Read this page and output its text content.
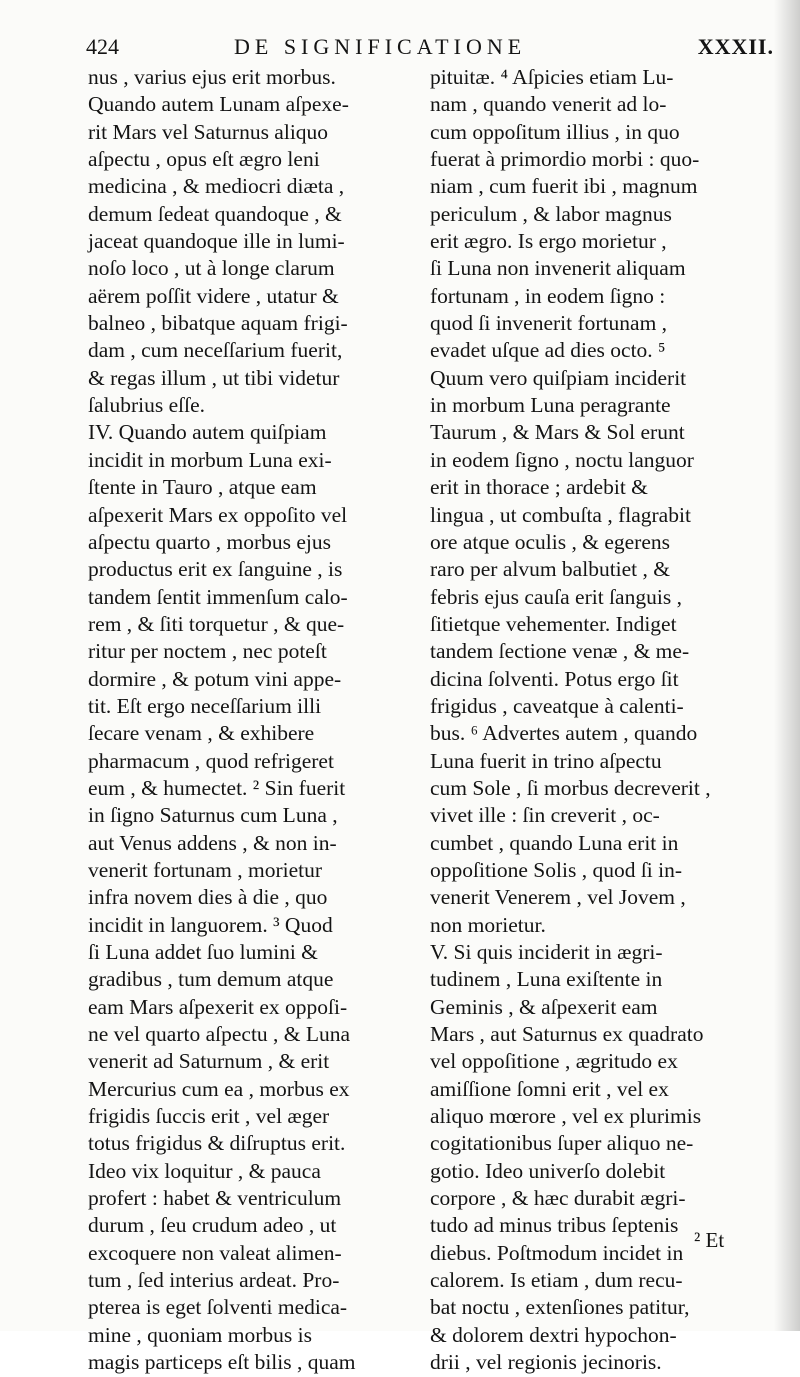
424	DE SIGNIFICATIONE	XXXII.
nus , varius ejus erit morbus.
Quando autem Lunam aſpexe-
rit Mars vel Saturnus aliquo
aſpectu , opus eſt ægro leni
medicina , & mediocri diæta ,
demum ſedeat quandoque , &
jaceat quandoque ille in lumi-
noſo loco , ut à longe clarum
aërem poſſit videre , utatur &
balneo , bibatque aquam frigi-
dam , cum neceſſarium fuerit,
& regas illum , ut tibi videtur
ſalubrius eſſe.
IV. Quando autem quiſpiam
incidit in morbum Luna exi-
ſtente in Tauro , atque eam
aſpexerit Mars ex oppoſito vel
aſpectu quarto , morbus ejus
productus erit ex ſanguine , is
tandem ſentit immenſum calo-
rem , & ſiti torquetur , & que-
ritur per noctem , nec poteſt
dormire , & potum vini appe-
tit. Eſt ergo neceſſarium illi
ſecare venam , & exhibere
pharmacum , quod refrigeret
eum , & humectet. ² Sin fuerit
in ſigno Saturnus cum Luna ,
aut Venus addens , & non in-
venerit fortunam , morietur
infra novem dies à die , quo
incidit in languorem. ³ Quod
ſi Luna addet ſuo lumini &
gradibus , tum demum atque
eam Mars aſpexerit ex oppoſi-
ne vel quarto aſpectu , & Luna
venerit ad Saturnum , & erit
Mercurius cum ea , morbus ex
frigidis ſuccis erit , vel æger
totus frigidus & diſruptus erit.
Ideo vix loquitur , & pauca
profert : habet & ventriculum
durum , ſeu crudum adeo , ut
excoquere non valeat alimen-
tum , ſed interius ardeat. Pro-
pterea is eget ſolventi medica-
mine , quoniam morbus is
magis particeps eſt bilis , quam
pituitæ. ⁴ Aſpicies etiam Lu-
nam , quando venerit ad lo-
cum oppoſitum illius , in quo
fuerat à primordio morbi : quo-
niam , cum fuerit ibi , magnum
periculum , & labor magnus
erit ægro. Is ergo morietur ,
ſi Luna non invenerit aliquam
fortunam , in eodem ſigno :
quod ſi invenerit fortunam ,
evadet uſque ad dies octo. ⁵
Quum vero quiſpiam inciderit
in morbum Luna peragrante
Taurum , & Mars & Sol erunt
in eodem ſigno , noctu languor
erit in thorace ; ardebit &
lingua , ut combuſta , flagrabit
ore atque oculis , & egerens
raro per alvum balbutiet , &
febris ejus cauſa erit ſanguis ,
ſitietque vehementer. Indiget
tandem ſectione venæ , & me-
dicina ſolventi. Potus ergo ſit
frigidus , caveatque à calenti-
bus. ⁶ Advertes autem , quando
Luna fuerit in trino aſpectu
cum Sole , ſi morbus decreverit ,
vivet ille : ſin creverit , oc-
cumbet , quando Luna erit in
oppoſitione Solis , quod ſi in-
venerit Venerem , vel Jovem ,
non morietur.
V. Si quis inciderit in ægri-
tudinem , Luna exiſtente in
Geminis , & aſpexerit eam
Mars , aut Saturnus ex quadrato
vel oppoſitione , ægritudo ex
amiſſione ſomni erit , vel ex
aliquo mœrore , vel ex plurimis
cogitationibus ſuper aliquo ne-
gotio. Ideo univerſo dolebit
corpore , & hæc durabit ægri-
tudo ad minus tribus ſeptenis
diebus. Poſtmodum incidet in
calorem. Is etiam , dum recu-
bat noctu , extenſiones patitur,
& dolorem dextri hypochon-
drii , vel regionis jecinoris.
² Et
